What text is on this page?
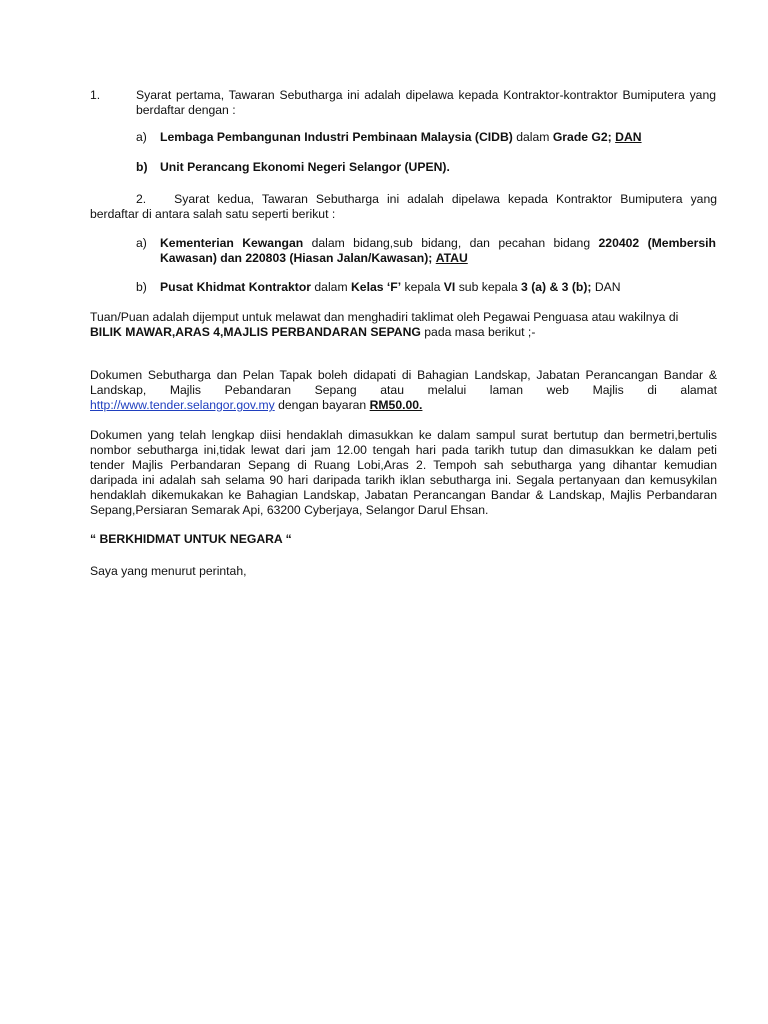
1.	Syarat pertama, Tawaran Sebutharga ini adalah dipelawa kepada Kontraktor-kontraktor Bumiputera yang berdaftar dengan :

a) Lembaga Pembangunan Industri Pembinaan Malaysia (CIDB) dalam Grade G2; DAN
b) Unit Perancang Ekonomi Negeri Selangor (UPEN).

2. Syarat kedua, Tawaran Sebutharga ini adalah dipelawa kepada Kontraktor Bumiputera yang berdaftar di antara salah satu seperti berikut :

a) Kementerian Kewangan dalam bidang,sub bidang, dan pecahan bidang 220402 (Membersih Kawasan) dan 220803 (Hiasan Jalan/Kawasan); ATAU

b) Pusat Khidmat Kontraktor dalam Kelas ‘F’ kepala VI sub kepala 3 (a) & 3 (b); DAN

Tuan/Puan adalah dijemput untuk melawat dan menghadiri taklimat oleh Pegawai Penguasa atau wakilnya di
BILIK MAWAR,ARAS 4,MAJLIS PERBANDARAN SEPANG pada masa berikut ;-

Dokumen Sebutharga dan Pelan Tapak boleh didapati di Bahagian Landskap, Jabatan Perancangan Bandar &
Landskap, Majlis Pebandaran Sepang atau melalui laman web Majlis di alamat
http://www.tender.selangor.gov.my dengan bayaran RM50.00.

Dokumen yang telah lengkap diisi hendaklah dimasukkan ke dalam sampul surat bertutup dan bermetri,bertulis nombor sebutharga ini,tidak lewat dari jam 12.00 tengah hari pada tarikh tutup dan dimasukkan ke dalam peti tender Majlis Perbandaran Sepang di Ruang Lobi,Aras 2. Tempoh sah sebutharga yang dihantar kemudian daripada ini adalah sah selama 90 hari daripada tarikh iklan sebutharga ini. Segala pertanyaan dan kemusykilan hendaklah dikemukakan ke Bahagian Landskap, Jabatan Perancangan Bandar & Landskap, Majlis Perbandaran Sepang,Persiaran Semarak Api, 63200 Cyberjaya, Selangor Darul Ehsan.

“ BERKHIDMAT UNTUK NEGARA “

Saya yang menurut perintah,
